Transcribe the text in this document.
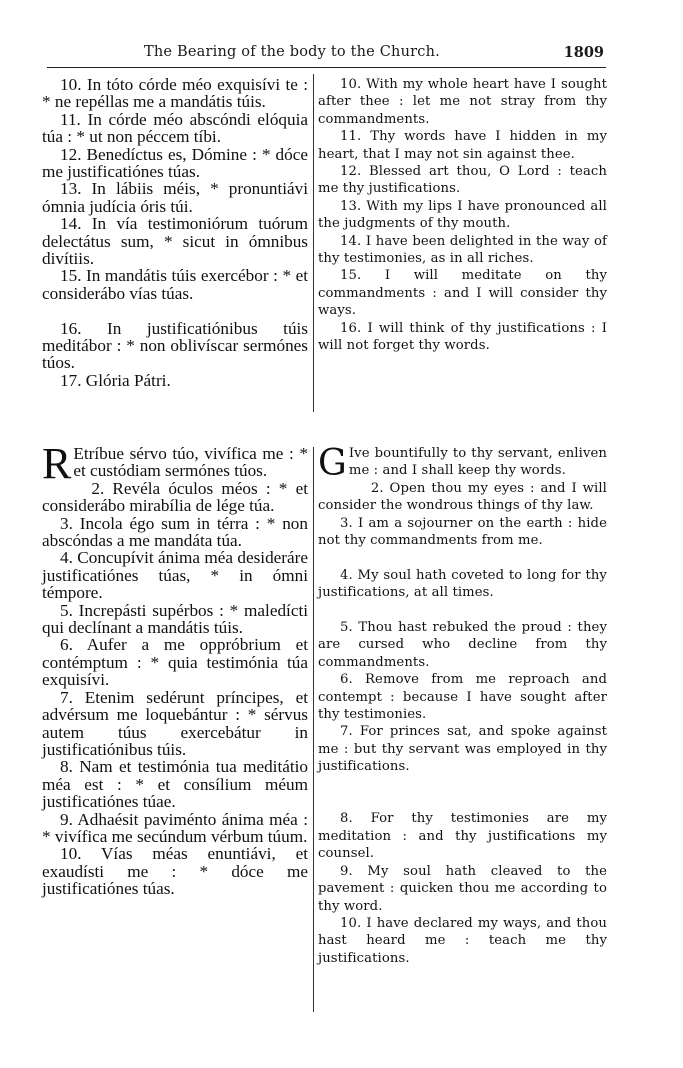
The Bearing of the body to the Church.	1809

10. In tóto córde méo exquisívi te : * ne repéllas me a mandátis túis.

11. In córde méo abscóndi elóquia túa : * ut non péccem tíbi.

12. Benedíctus es, Dómine : * dóce me justificatiónes túas.

13. In lábiis méis, * pronuntiávi ómnia judícia óris túi.

14. In vía testimoniórum tuórum delectátus sum, * sicut in ómnibus divítiis.

15. In mandátis túis exercébor : * et considerábo vías túas.

16. In justificatiónibus túis meditábor : * non oblivíscar sermónes túos.

17. Glória Pátri.

10. With my whole heart have I sought after thee : let me not stray from thy commandments.

11. Thy words have I hidden in my heart, that I may not sin against thee.

12. Blessed art thou, O Lord : teach me thy justifications.

13. With my lips I have pronounced all the judgments of thy mouth.

14. I have been delighted in the way of thy testimonies, as in all riches.

15. I will meditate on thy commandments : and I will consider thy ways.

16. I will think of thy justifications : I will not forget thy words.

R Etríbue sérvo túo, vivífica me : * et custódiam sermónes túos.

2. Revéla óculos méos : * et considerábo mirabília de lége túa.

3. Incola égo sum in térra : * non abscóndas a me mandáta túa.

4. Concupívit ánima méa desideráre justificatiónes túas, * in ómni témpore.

5. Increpásti supérbos : * maledícti qui declínant a mandátis túis.

6. Aufer a me oppróbrium et contémptum : * quia testimónia túa exquisívi.

7. Etenim sedérunt príncipes, et advérsum me loquebántur : * sérvus autem túus exercebátur in justificatiónibus túis.

8. Nam et testimónia tua meditátio méa est : * et consílium méum justificatiónes túae.

9. Adhaésit paviménto ánima méa : * vivífica me secúndum vérbum túum.

10. Vías méas enuntiávi, et exaudísti me : * dóce me justificatiónes túas.

G Ive bountifully to thy servant, enliven me : and I shall keep thy words.

2. Open thou my eyes : and I will consider the wondrous things of thy law.

3. I am a sojourner on the earth : hide not thy commandments from me.

4. My soul hath coveted to long for thy justifications, at all times.

5. Thou hast rebuked the proud : they are cursed who decline from thy commandments.

6. Remove from me reproach and contempt : because I have sought after thy testimonies.

7. For princes sat, and spoke against me : but thy servant was employed in thy justifications.

8. For thy testimonies are my meditation : and thy justifications my counsel.

9. My soul hath cleaved to the pavement : quicken thou me according to thy word.

10. I have declared my ways, and thou hast heard me : teach me thy justifications.
